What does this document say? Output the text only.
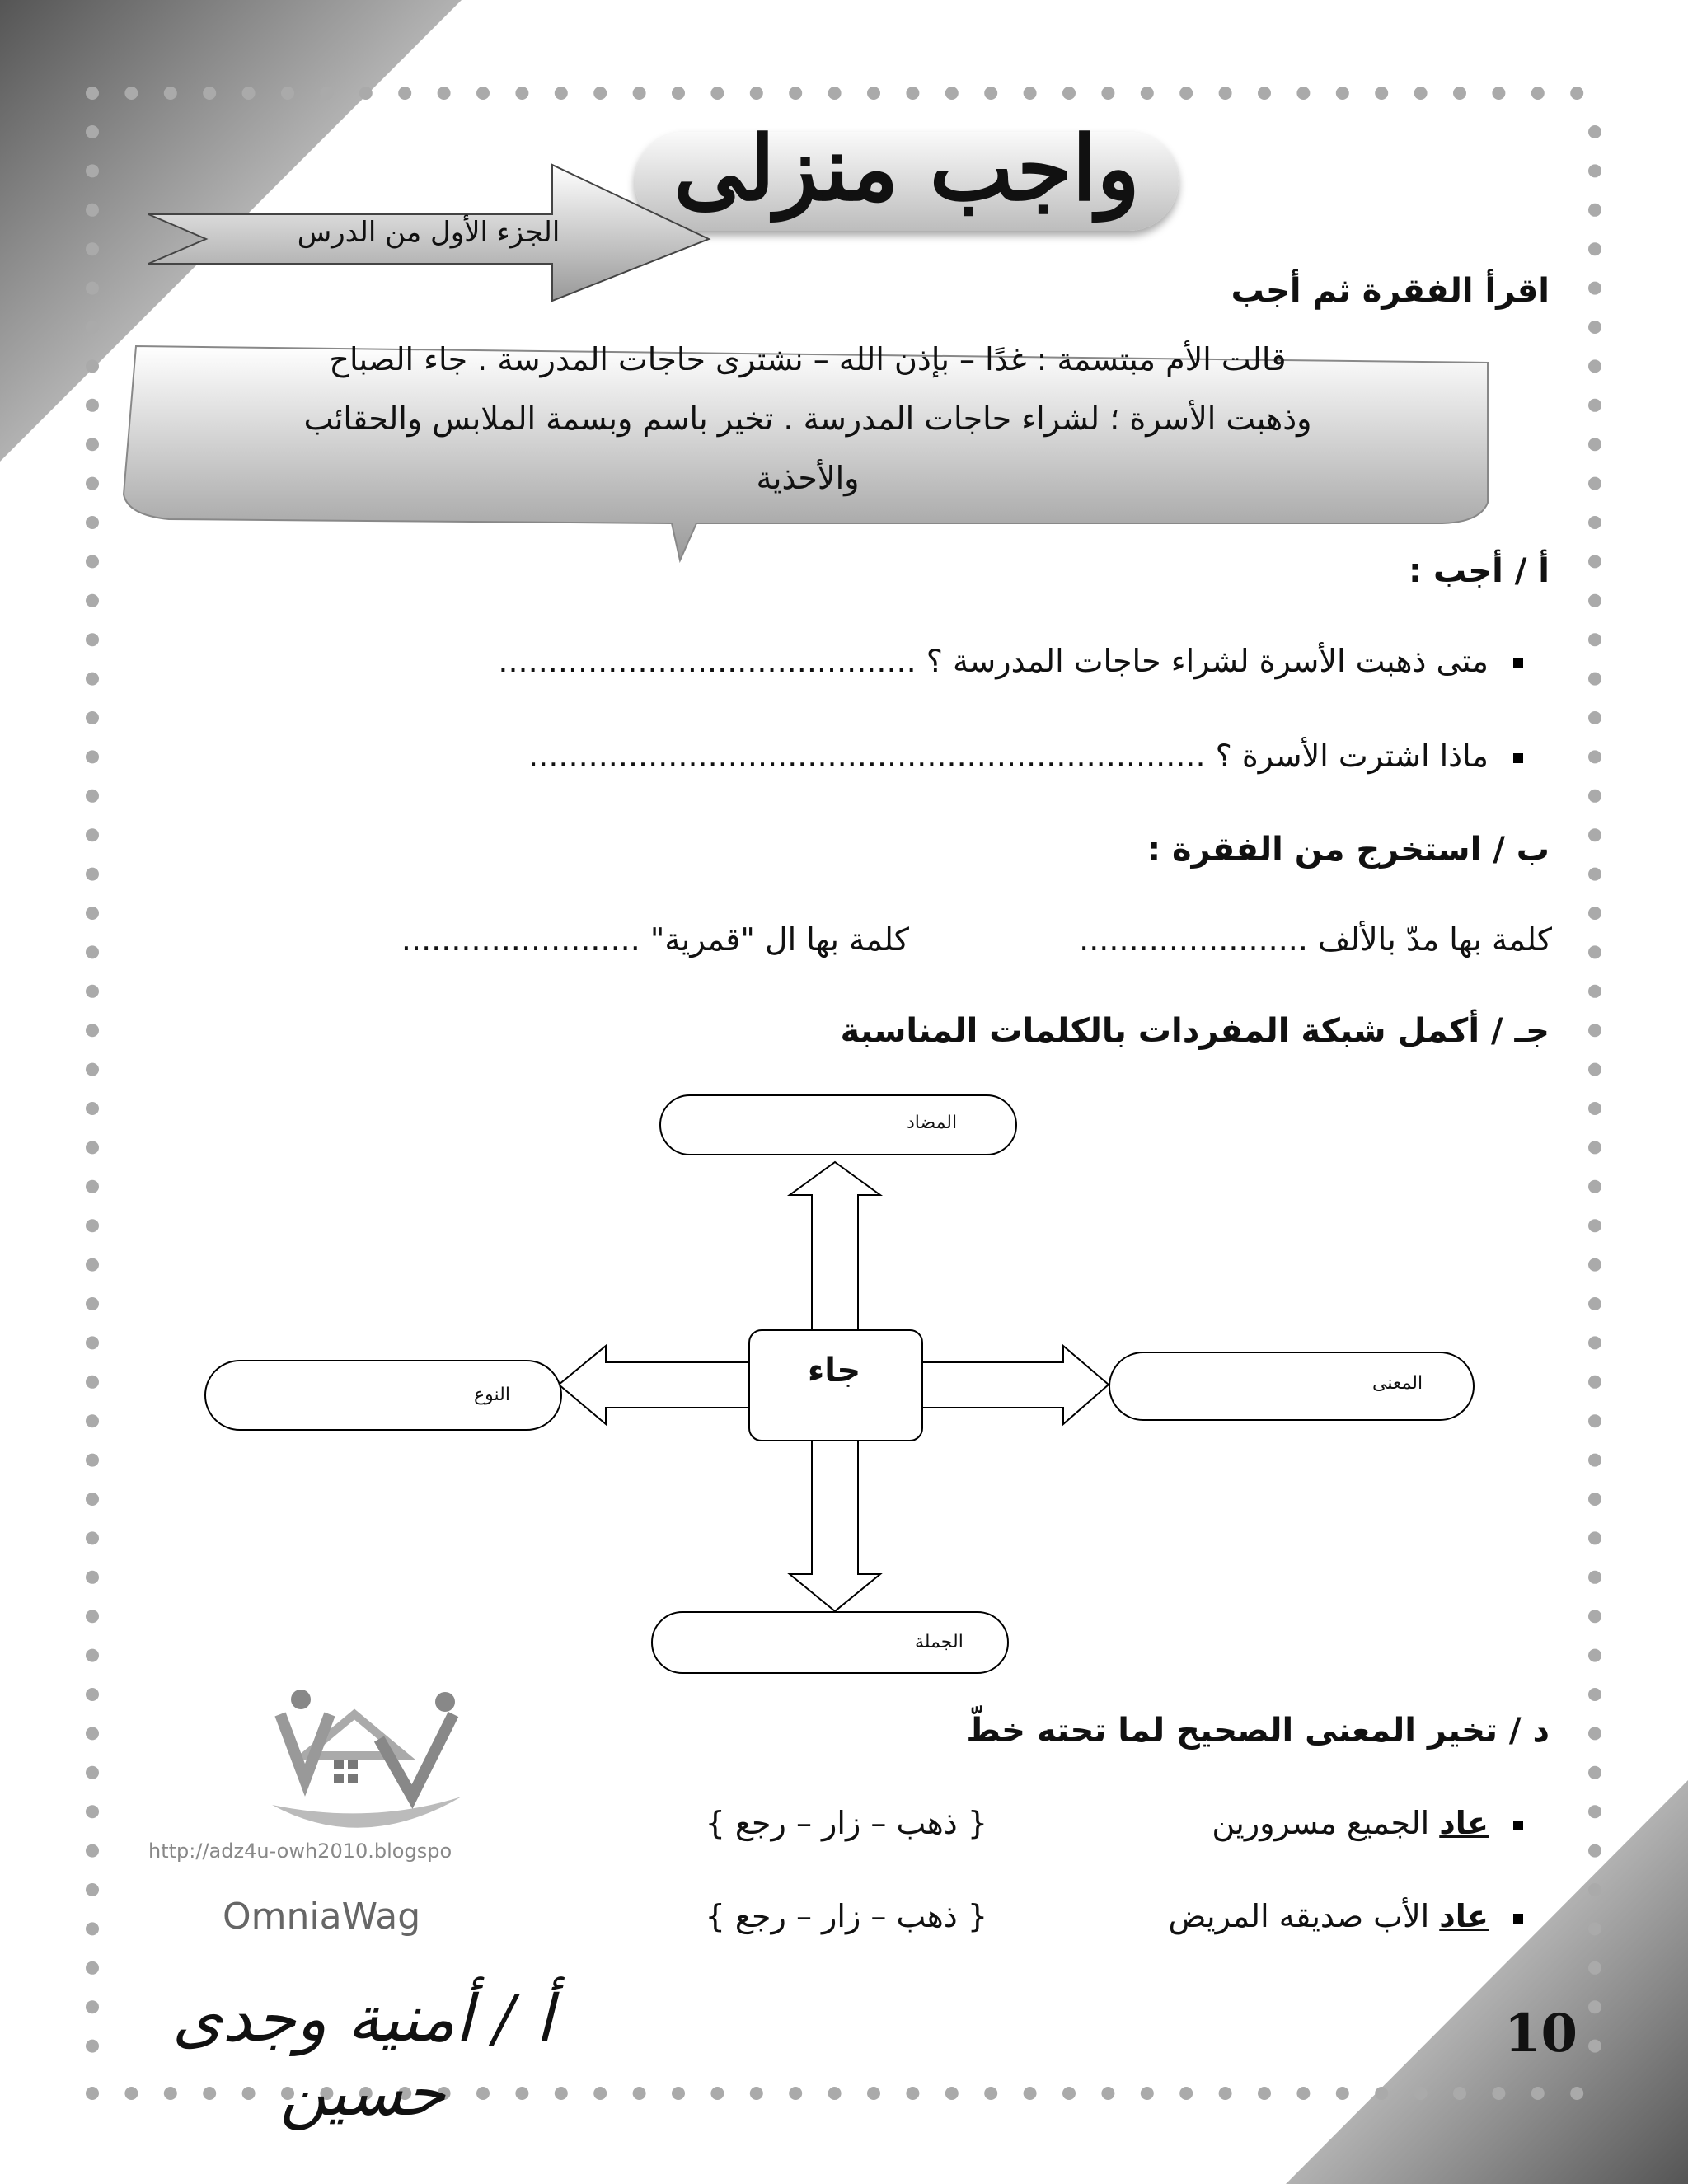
واجب منزلى
الجزء الأول من الدرس
اقرأ الفقرة ثم أجب
قالت الأم مبتسمة : غدًا – بإذن الله – نشترى حاجات المدرسة . جاء الصباح
وذهبت الأسرة ؛ لشراء حاجات المدرسة . تخير باسم وبسمة الملابس والحقائب
والأحذية
أ / أجب :
متى ذهبت الأسرة لشراء حاجات المدرسة ؟ ..........................................
ماذا اشترت الأسرة ؟ ....................................................................
ب / استخرج من الفقرة :
كلمة بها مدّ بالألف .......................
كلمة بها ال "قمرية" ........................
جـ / أكمل شبكة المفردات بالكلمات المناسبة
المضاد
المعنى
النوع
الجملة
جاء
http://adz4u-owh2010.blogspo
OmniaWag
د / تخير المعنى الصحيح لما تحته خطّ
عاد الجميع مسرورين
{ ذهب – زار – رجع }
عاد الأب صديقه المريض
{ ذهب – زار – رجع }
أ / أمنية وجدى حسين
10
